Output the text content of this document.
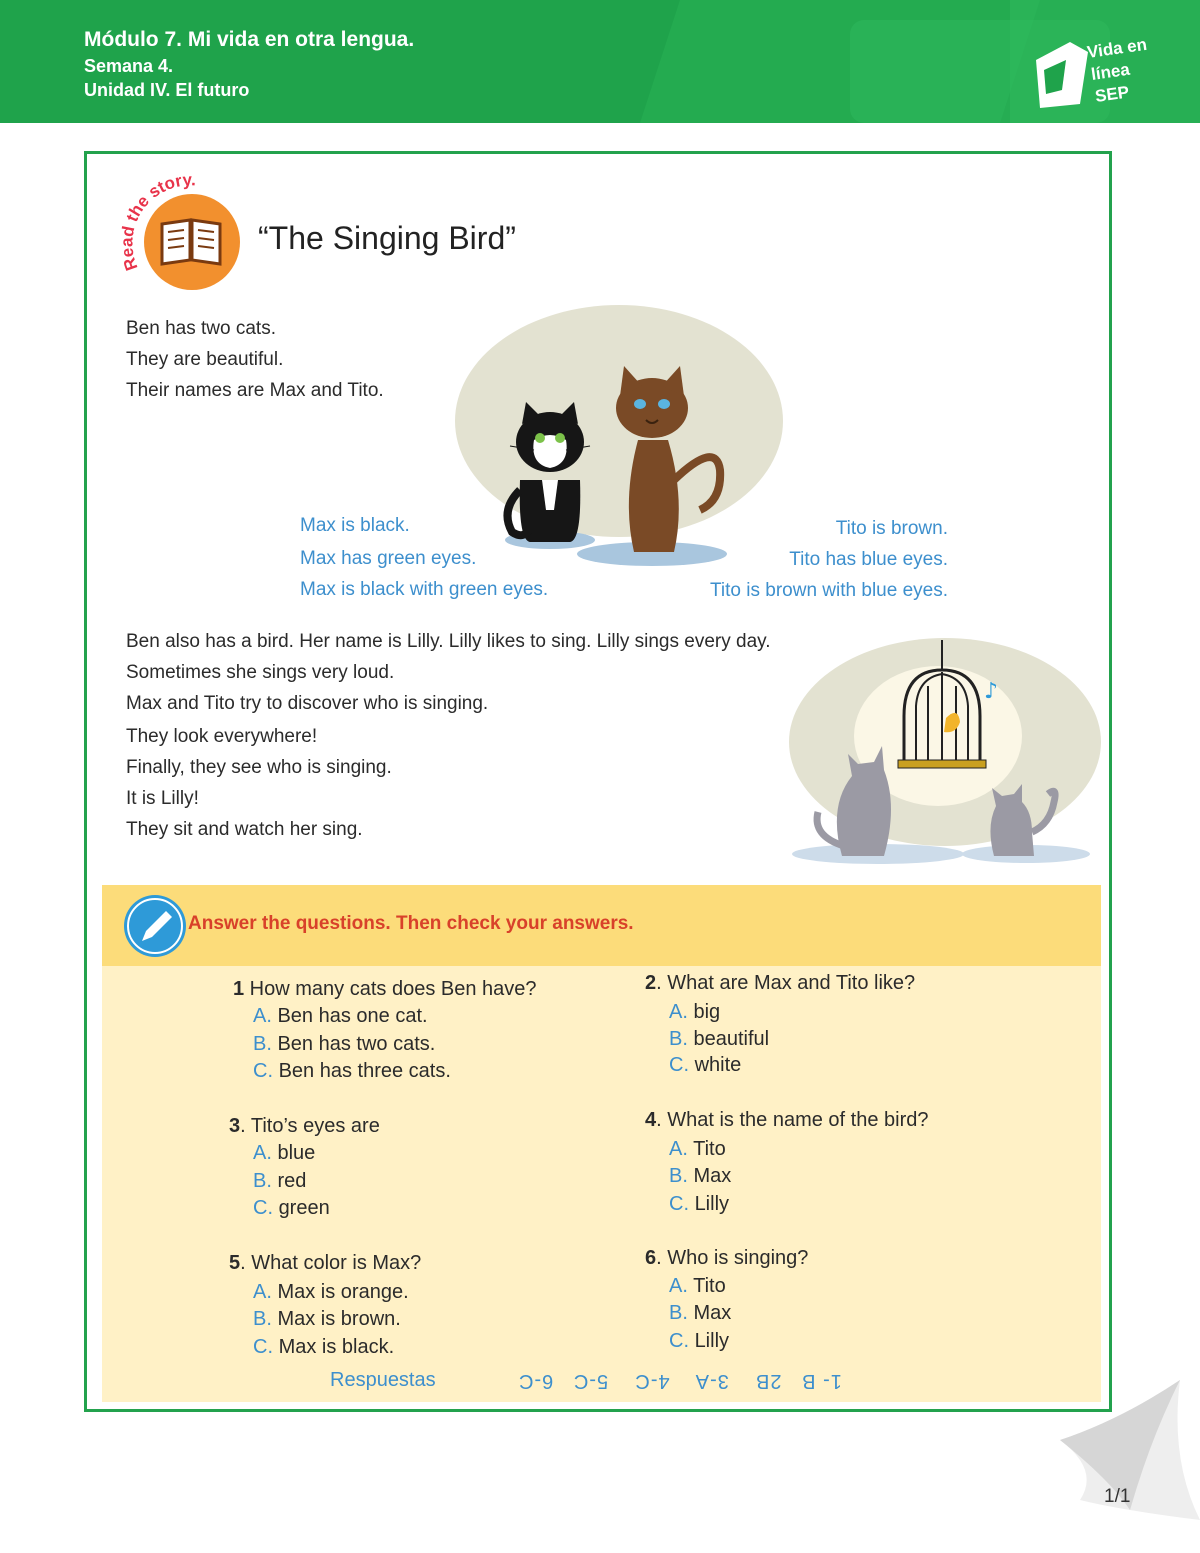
Módulo 7. Mi vida en otra lengua.
Semana 4.
Unidad IV. El futuro
Vida en
línea
SEP
Read the story.
“The Singing Bird”
Ben has two cats.
They are beautiful.
Their names are Max and Tito.
Max is black.
Max has green eyes.
Max is black with green eyes.
Tito is brown.
Tito has blue eyes.
Tito is brown with blue eyes.
Ben also has a bird. Her name is Lilly. Lilly likes to sing. Lilly sings every day.
Sometimes she sings very loud.
Max and Tito try to discover who is singing.
They look everywhere!
Finally, they see who is singing.
It is Lilly!
They sit and watch her sing.
♪
Answer the questions. Then check your answers.
1 How many cats does Ben have?
A. Ben has one cat.
B. Ben has two cats.
C. Ben has three cats.
2. What are Max and Tito like?
A. big
B. beautiful
C. white
3. Tito’s eyes are
A. blue
B. red
C. green
4. What is the name of the bird?
A. Tito
B. Max
C. Lilly
5. What color is Max?
A. Max is orange.
B. Max is brown.
C. Max is black.
6. Who is singing?
A. Tito
B. Max
C. Lilly
Respuestas	1- B   2B    3-A    4-C    5-C   6-C
1/1
